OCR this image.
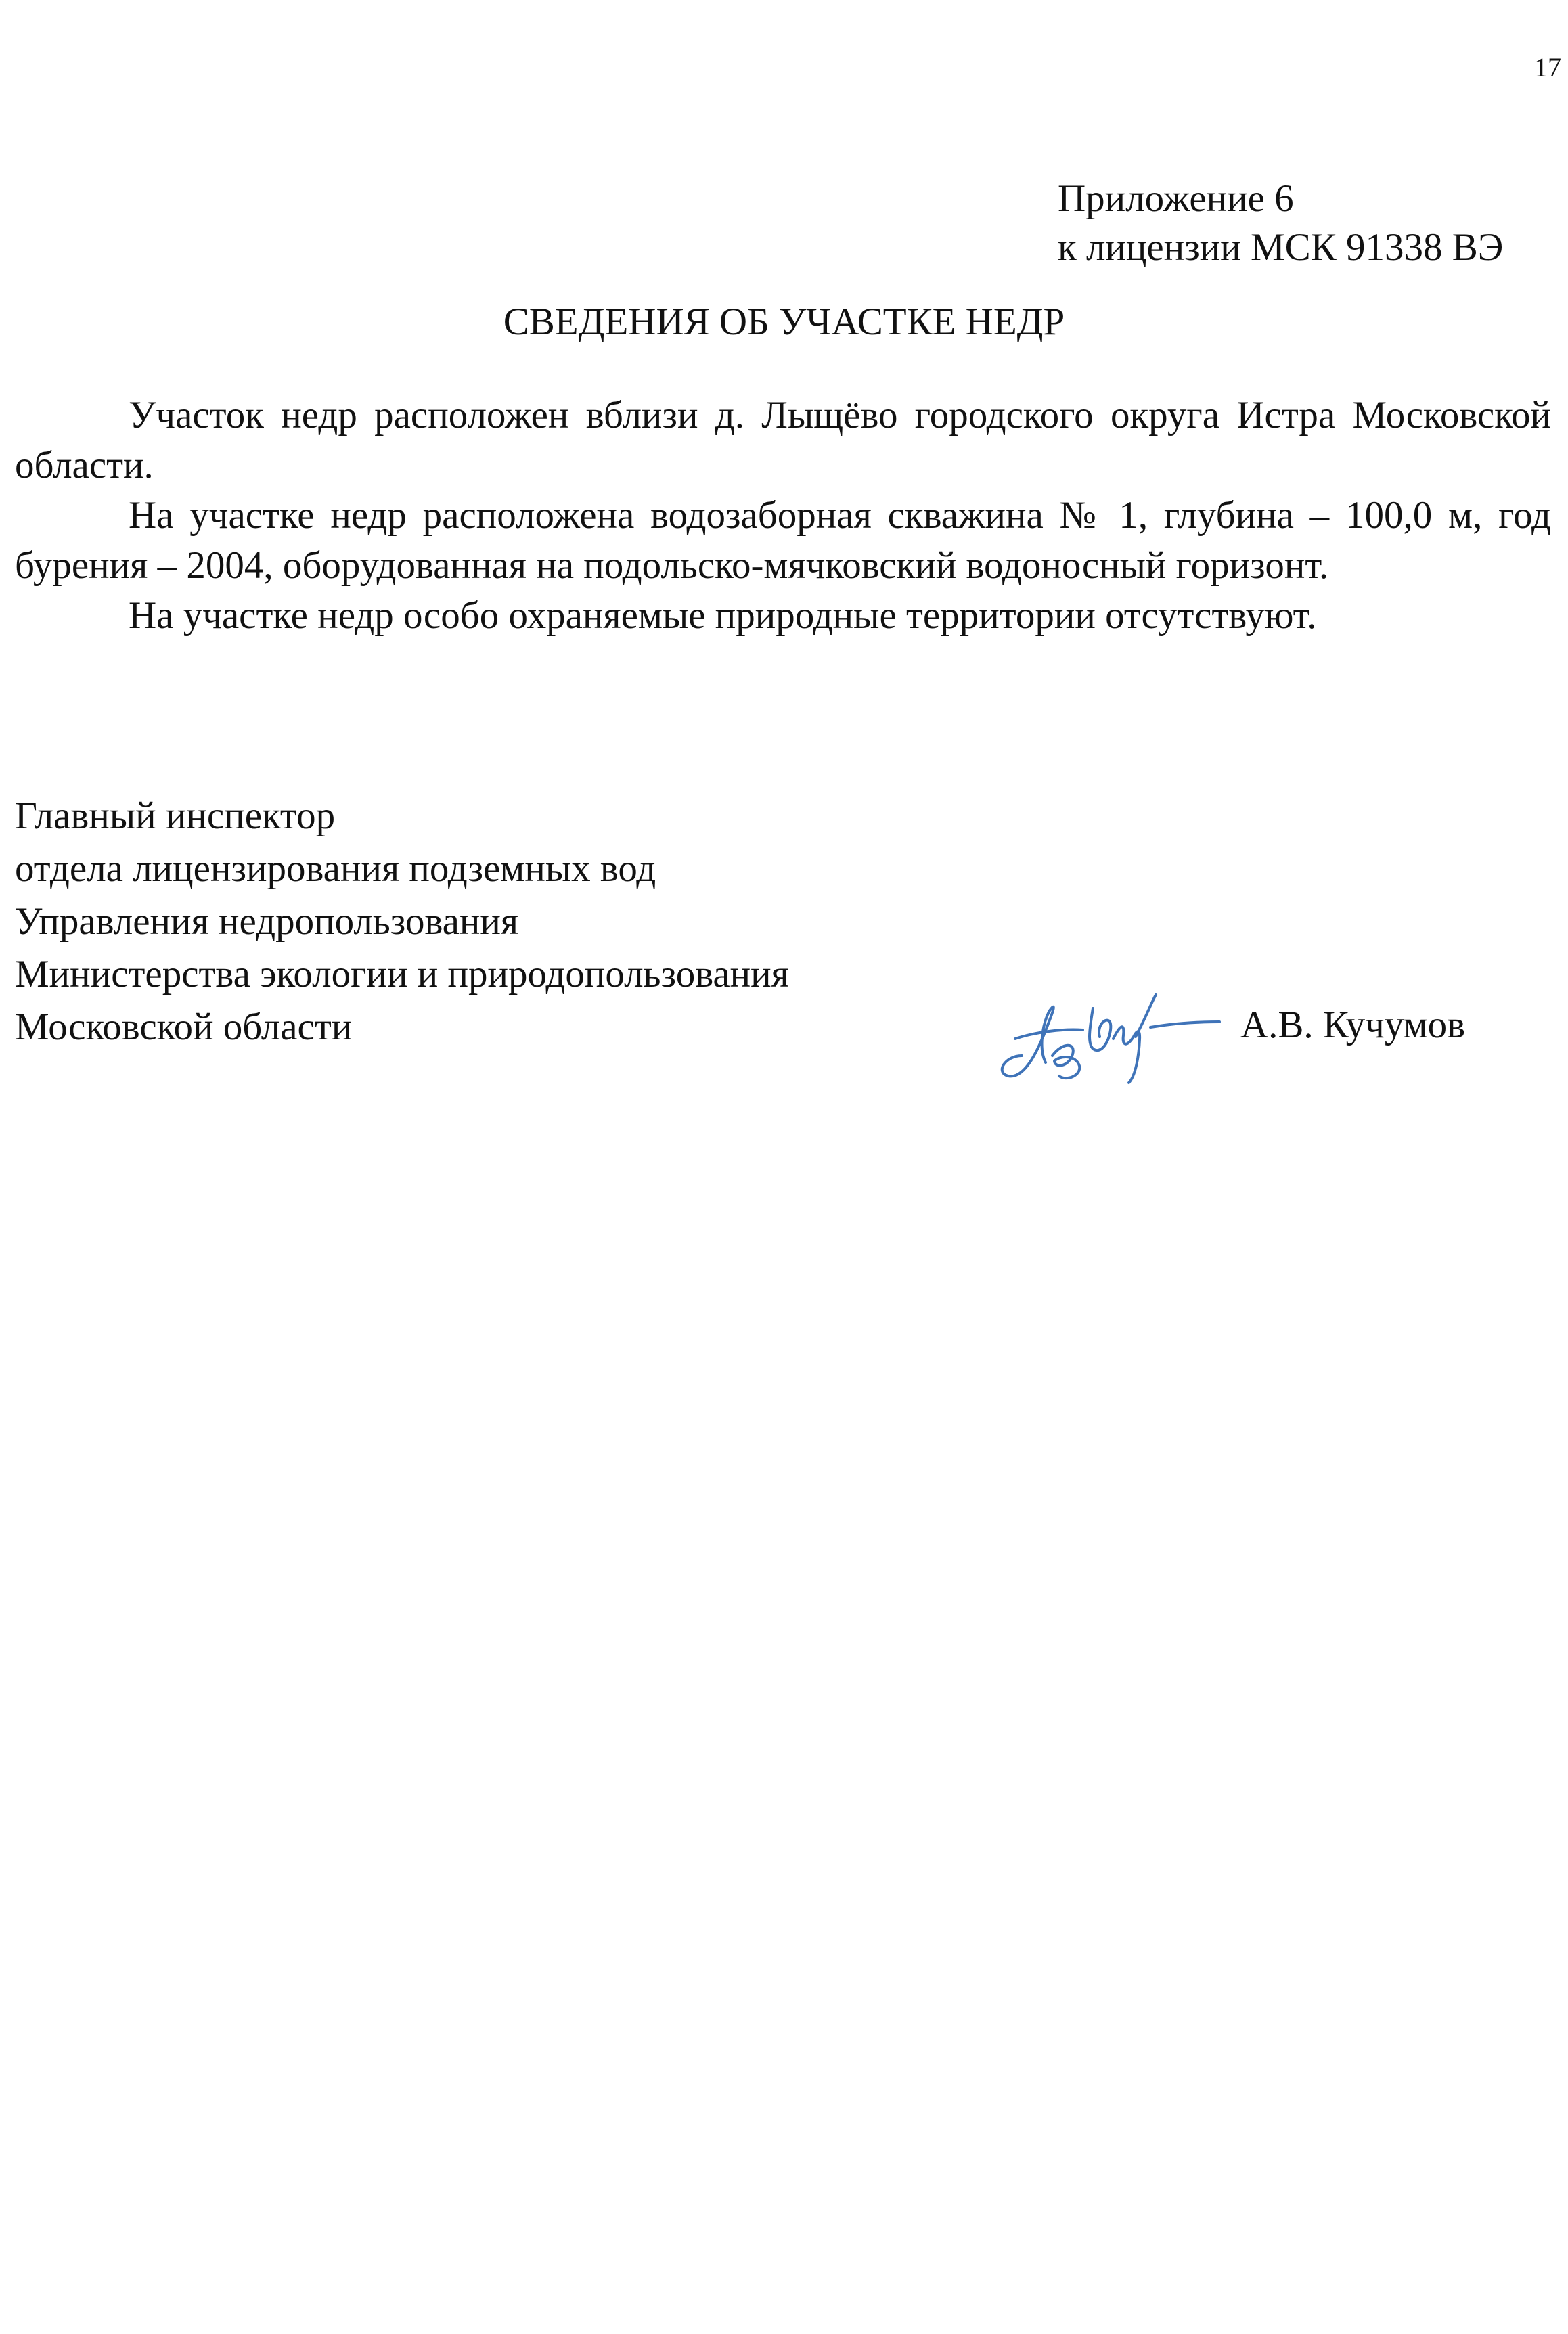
17
Приложение 6
к лицензии МСК 91338 ВЭ
СВЕДЕНИЯ ОБ УЧАСТКЕ НЕДР

Участок недр расположен вблизи д. Лыщёво городского округа Истра Московской области.

На участке недр расположена водозаборная скважина № 1, глубина – 100,0 м, год бурения – 2004, оборудованная на подольско-мячковский водоносный горизонт.

На участке недр особо охраняемые природные территории отсутствуют.

Главный инспектор
отдела лицензирования подземных вод
Управления недропользования
Министерства экологии и природопользования
Московской области	А.В. Кучумов
